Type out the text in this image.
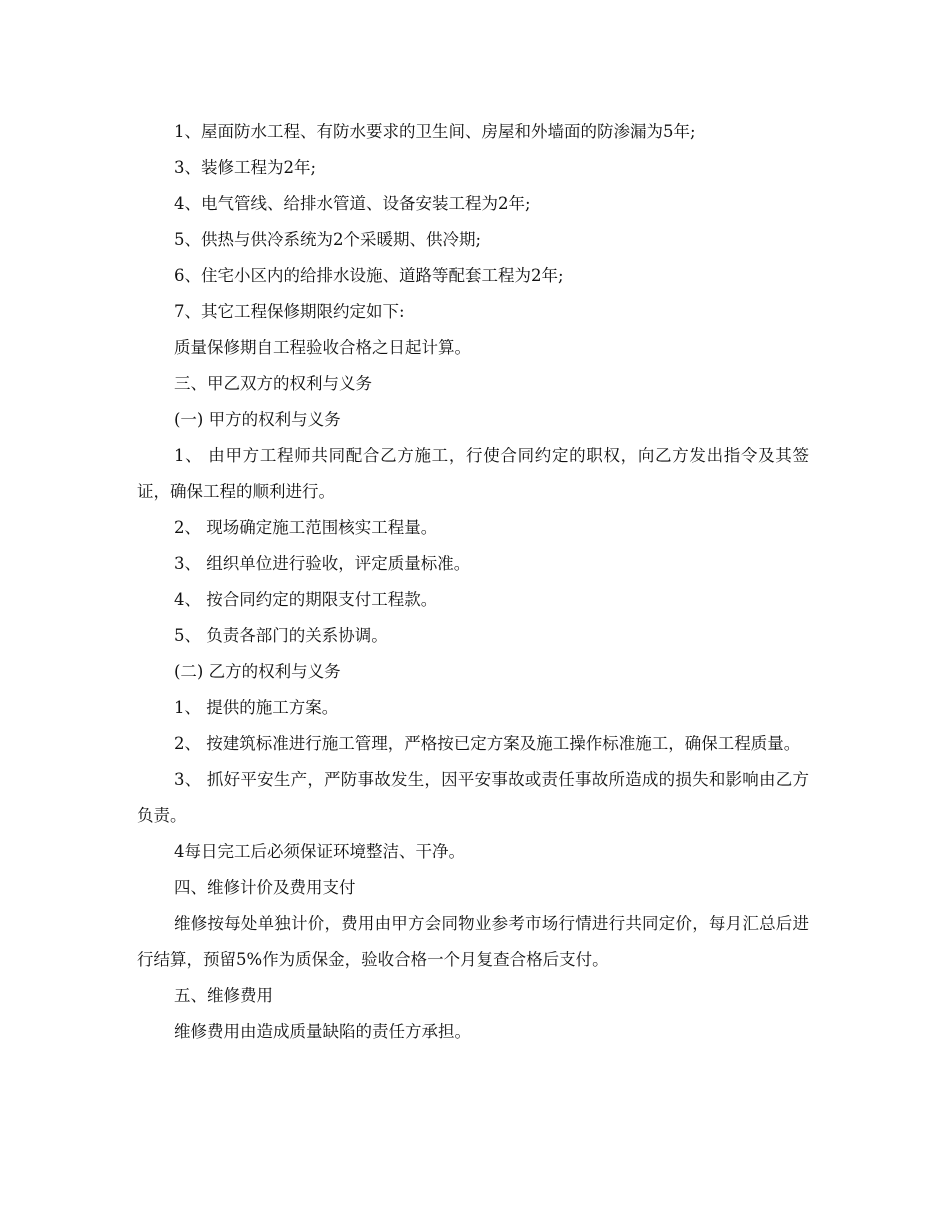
1、屋面防水工程、有防水要求的卫生间、房屋和外墙面的防渗漏为5年;

3、装修工程为2年;

4、电气管线、给排水管道、设备安装工程为2年;

5、供热与供冷系统为2个采暖期、供冷期;

6、住宅小区内的给排水设施、道路等配套工程为2年;

7、其它工程保修期限约定如下:

质量保修期自工程验收合格之日起计算。

三、甲乙双方的权利与义务

(一) 甲方的权利与义务

1、 由甲方工程师共同配合乙方施工，行使合同约定的职权，向乙方发出指令及其签证，确保工程的顺利进行。

2、 现场确定施工范围核实工程量。

3、 组织单位进行验收，评定质量标准。

4、 按合同约定的期限支付工程款。

5、 负责各部门的关系协调。

(二) 乙方的权利与义务

1、 提供的施工方案。

2、 按建筑标准进行施工管理，严格按已定方案及施工操作标准施工，确保工程质量。

3、 抓好平安生产，严防事故发生，因平安事故或责任事故所造成的损失和影响由乙方负责。

4每日完工后必须保证环境整洁、干净。

四、维修计价及费用支付

维修按每处单独计价，费用由甲方会同物业参考市场行情进行共同定价，每月汇总后进行结算，预留5%作为质保金，验收合格一个月复查合格后支付。

五、维修费用

维修费用由造成质量缺陷的责任方承担。
